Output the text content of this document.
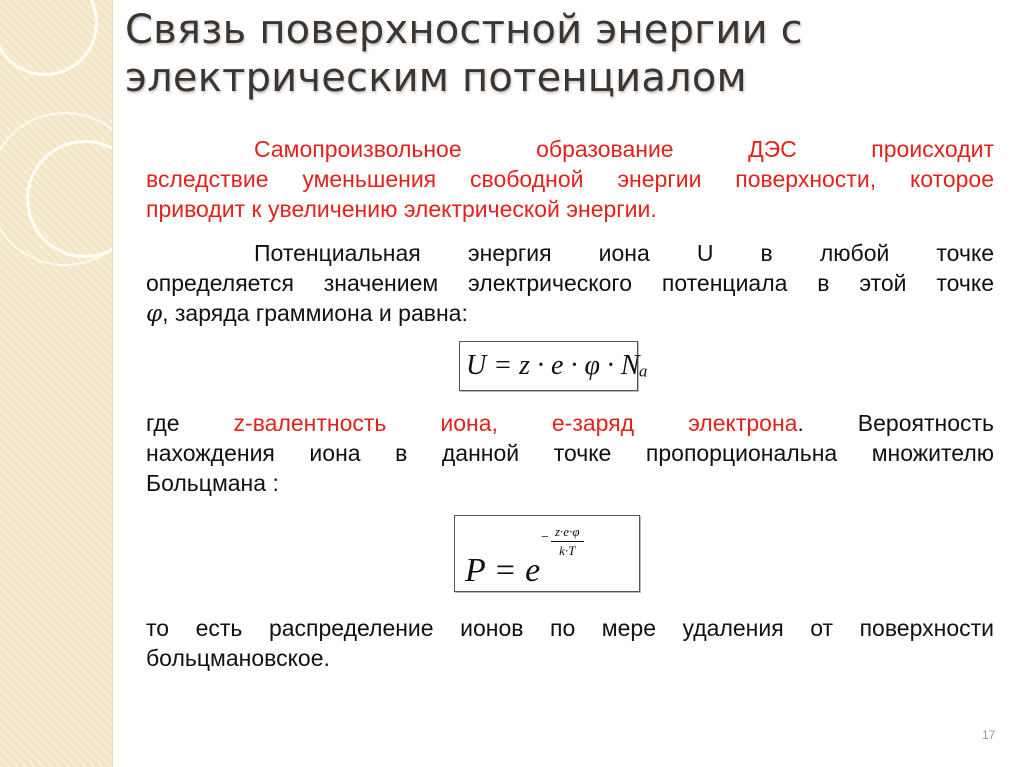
Связь поверхностной энергии с электрическим потенциалом
Самопроизвольное	образование	ДЭС	происходит
вследствие уменьшения свободной энергии поверхности, которое
приводит к увеличению электрической энергии.
Потенциальная энергия иона U в любой точке
определяется значением электрического потенциала в этой точке
φ, заряда граммиона и равна:
U = z · e · φ · Nₐ
где z-валентность иона, e-заряд электрона. Вероятность
нахождения иона в данной точке пропорциональна множителю
Больцмана :
P = e
− $\frac{z\cdot e\cdot\varphi}{k\cdot T}$
то есть распределение ионов по мере удаления от поверхности
больцмановское.
17
